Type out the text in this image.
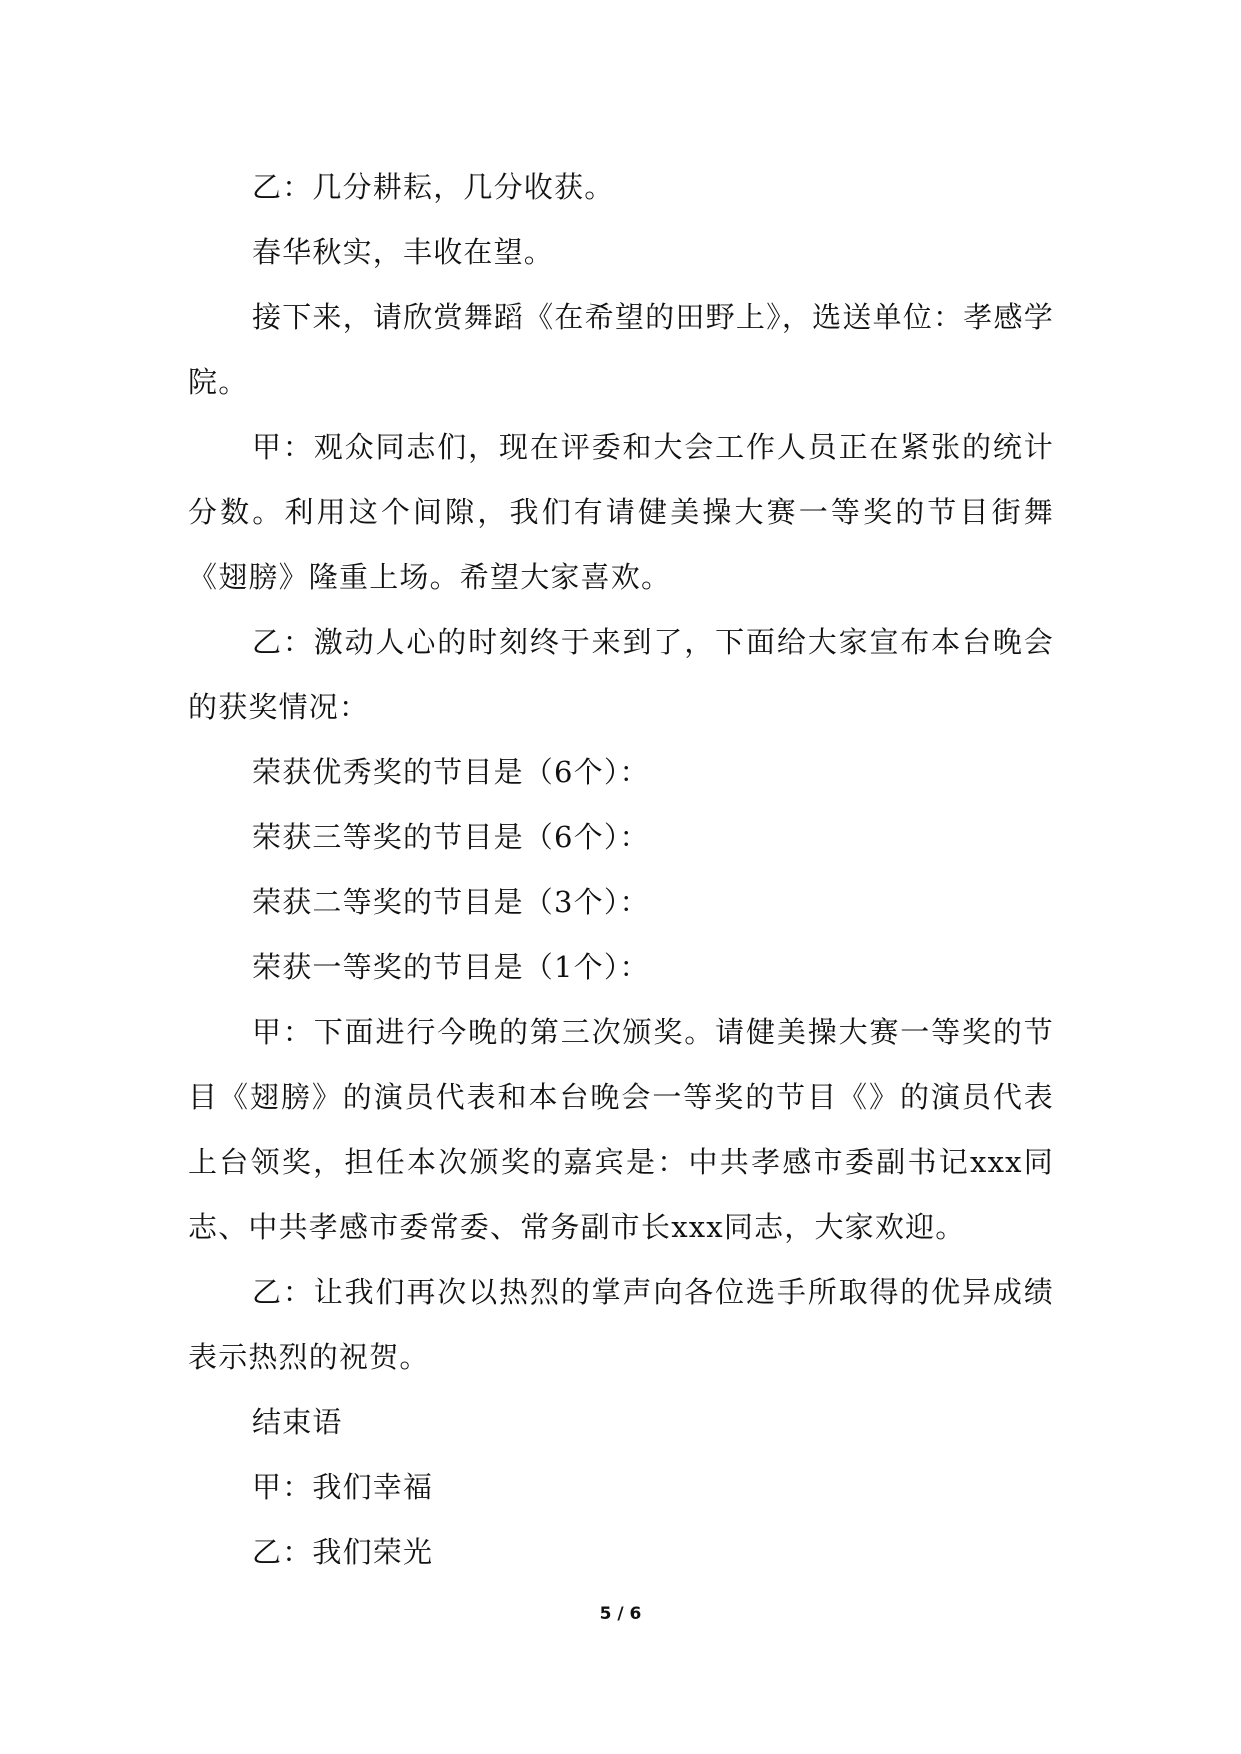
乙：几分耕耘，几分收获。

春华秋实，丰收在望。

接下来，请欣赏舞蹈《在希望的田野上》，选送单位：孝感学院。

甲：观众同志们，现在评委和大会工作人员正在紧张的统计分数。利用这个间隙，我们有请健美操大赛一等奖的节目街舞《翅膀》隆重上场。希望大家喜欢。

乙：激动人心的时刻终于来到了，下面给大家宣布本台晚会的获奖情况：

荣获优秀奖的节目是（6个）：

荣获三等奖的节目是（6个）：

荣获二等奖的节目是（3个）：

荣获一等奖的节目是（1个）：

甲：下面进行今晚的第三次颁奖。请健美操大赛一等奖的节目《翅膀》的演员代表和本台晚会一等奖的节目《》的演员代表上台领奖，担任本次颁奖的嘉宾是：中共孝感市委副书记xxx同志、中共孝感市委常委、常务副市长xxx同志，大家欢迎。

乙：让我们再次以热烈的掌声向各位选手所取得的优异成绩表示热烈的祝贺。

结束语

甲：我们幸福

乙：我们荣光

5 / 6
